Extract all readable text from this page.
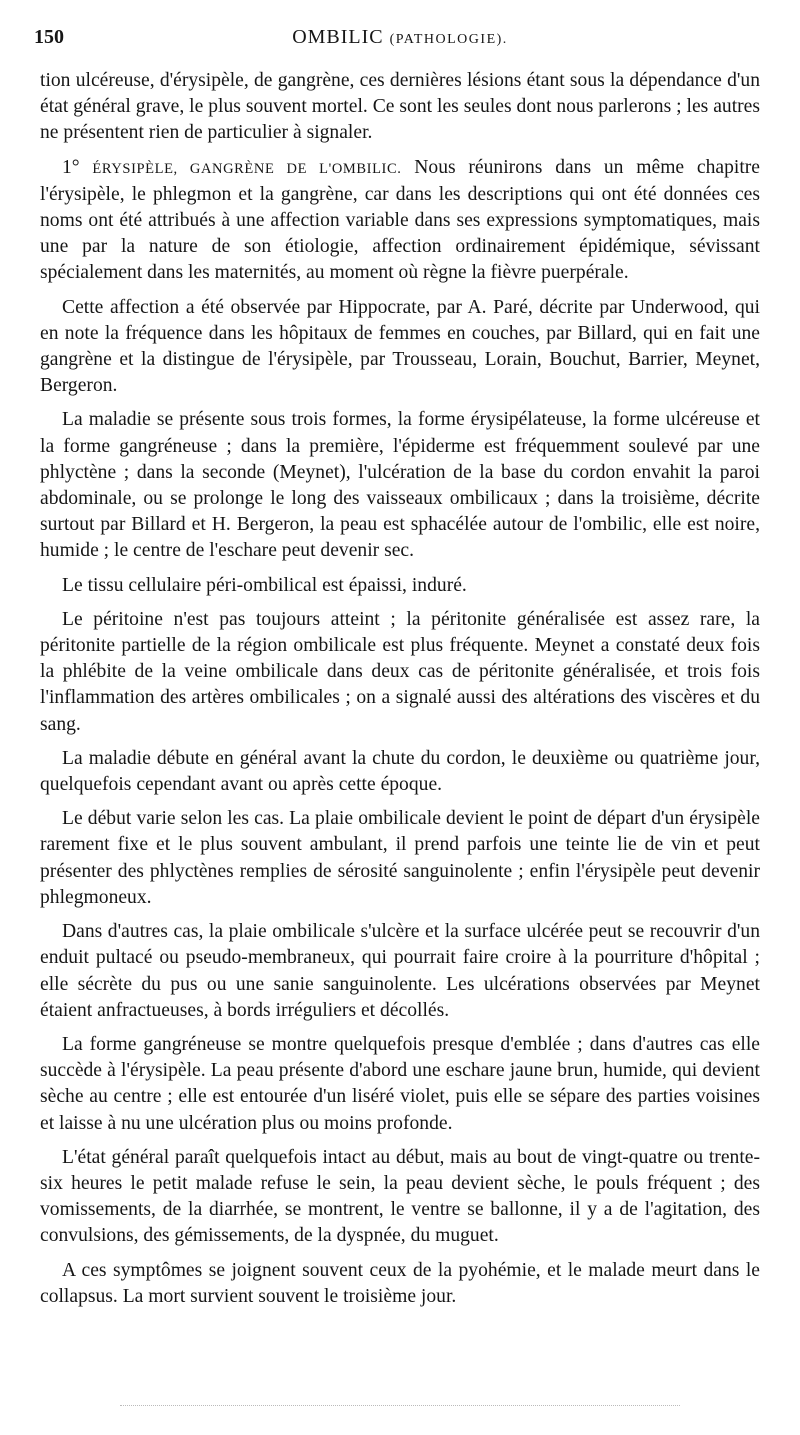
150	OMBILIC (PATHOLOGIE).

tion ulcéreuse, d'érysipèle, de gangrène, ces dernières lésions étant sous la dépendance d'un état général grave, le plus souvent mortel. Ce sont les seules dont nous parlerons ; les autres ne présentent rien de particulier à signaler.

1° ÉRYSIPÈLE, GANGRÈNE DE L'OMBILIC. Nous réunirons dans un même chapitre l'érysipèle, le phlegmon et la gangrène, car dans les descriptions qui ont été données ces noms ont été attribués à une affection variable dans ses expressions symptomatiques, mais une par la nature de son étiologie, affection ordinairement épidémique, sévissant spécialement dans les maternités, au moment où règne la fièvre puerpérale.

Cette affection a été observée par Hippocrate, par A. Paré, décrite par Underwood, qui en note la fréquence dans les hôpitaux de femmes en couches, par Billard, qui en fait une gangrène et la distingue de l'érysipèle, par Trousseau, Lorain, Bouchut, Barrier, Meynet, Bergeron.

La maladie se présente sous trois formes, la forme érysipélateuse, la forme ulcéreuse et la forme gangréneuse ; dans la première, l'épiderme est fréquemment soulevé par une phlyctène ; dans la seconde (Meynet), l'ulcération de la base du cordon envahit la paroi abdominale, ou se prolonge le long des vaisseaux ombilicaux ; dans la troisième, décrite surtout par Billard et H. Bergeron, la peau est sphacélée autour de l'ombilic, elle est noire, humide ; le centre de l'eschare peut devenir sec.

Le tissu cellulaire péri-ombilical est épaissi, induré.

Le péritoine n'est pas toujours atteint ; la péritonite généralisée est assez rare, la péritonite partielle de la région ombilicale est plus fréquente. Meynet a constaté deux fois la phlébite de la veine ombilicale dans deux cas de péritonite généralisée, et trois fois l'inflammation des artères ombilicales ; on a signalé aussi des altérations des viscères et du sang.

La maladie débute en général avant la chute du cordon, le deuxième ou quatrième jour, quelquefois cependant avant ou après cette époque.

Le début varie selon les cas. La plaie ombilicale devient le point de départ d'un érysipèle rarement fixe et le plus souvent ambulant, il prend parfois une teinte lie de vin et peut présenter des phlyctènes remplies de sérosité sanguinolente ; enfin l'érysipèle peut devenir phlegmoneux.

Dans d'autres cas, la plaie ombilicale s'ulcère et la surface ulcérée peut se recouvrir d'un enduit pultacé ou pseudo-membraneux, qui pourrait faire croire à la pourriture d'hôpital ; elle sécrète du pus ou une sanie sanguinolente. Les ulcérations observées par Meynet étaient anfractueuses, à bords irréguliers et décollés.

La forme gangréneuse se montre quelquefois presque d'emblée ; dans d'autres cas elle succède à l'érysipèle. La peau présente d'abord une eschare jaune brun, humide, qui devient sèche au centre ; elle est entourée d'un liséré violet, puis elle se sépare des parties voisines et laisse à nu une ulcération plus ou moins profonde.

L'état général paraît quelquefois intact au début, mais au bout de vingt-quatre ou trente-six heures le petit malade refuse le sein, la peau devient sèche, le pouls fréquent ; des vomissements, de la diarrhée, se montrent, le ventre se ballonne, il y a de l'agitation, des convulsions, des gémissements, de la dyspnée, du muguet.

A ces symptômes se joignent souvent ceux de la pyohémie, et le malade meurt dans le collapsus. La mort survient souvent le troisième jour.
